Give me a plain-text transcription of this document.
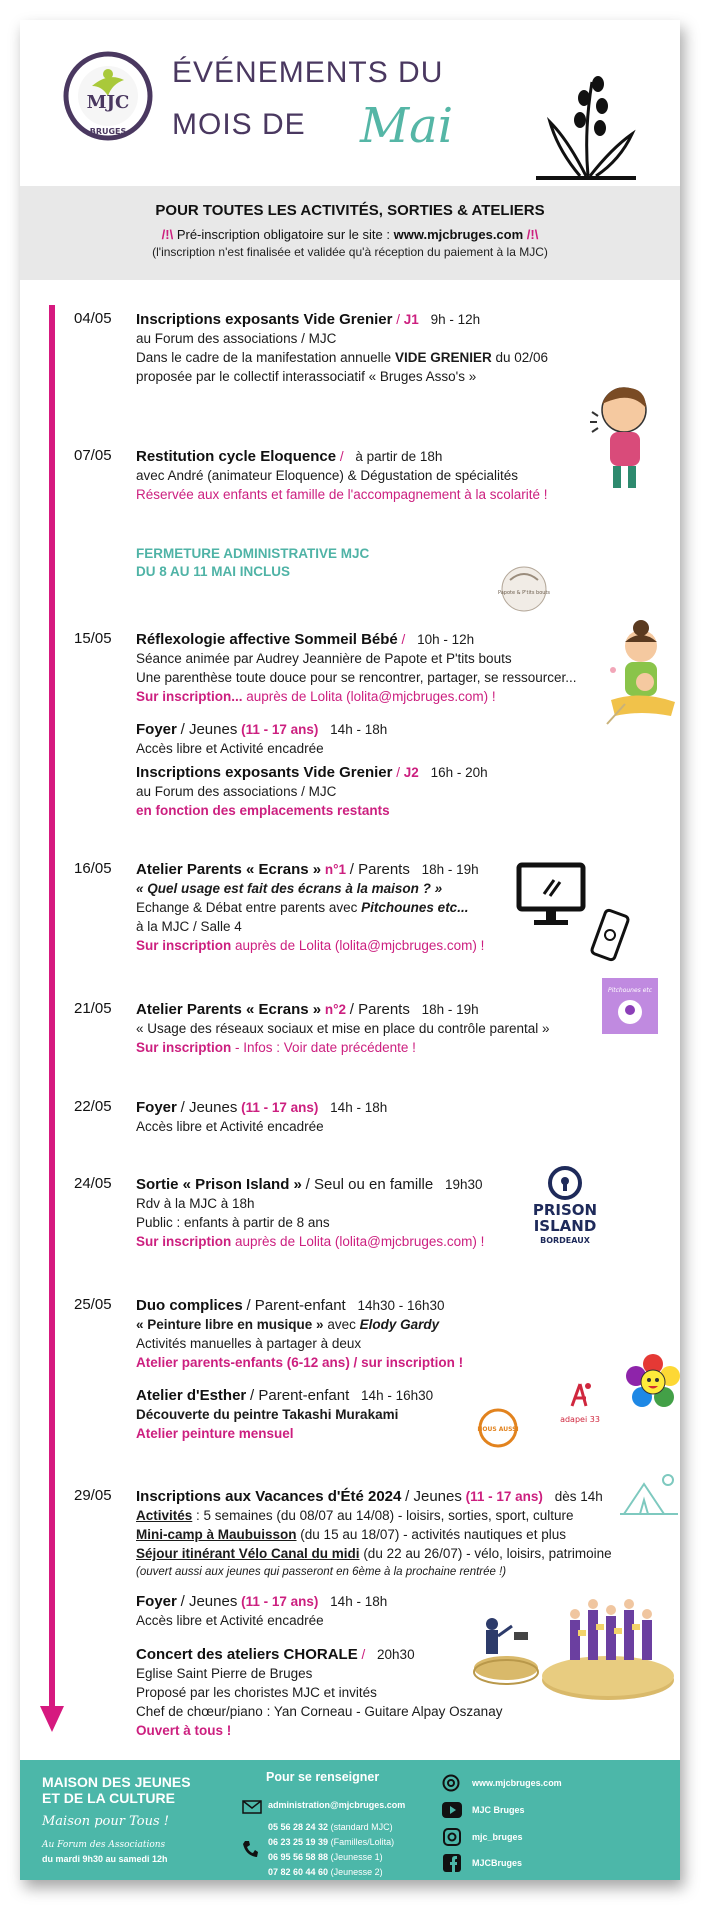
MJC
BRUGES
ÉVÉNEMENTS DU
MOIS DE Mai
POUR TOUTES LES ACTIVITÉS, SORTIES & ATELIERS
/!\ Pré-inscription obligatoire sur le site : www.mjcbruges.com /!\
(l'inscription n'est finalisée et validée qu'à réception du paiement à la MJC)
04/05 Inscriptions exposants Vide Grenier / J1 9h - 12h
au Forum des associations / MJC
Dans le cadre de la manifestation annuelle VIDE GRENIER du 02/06
proposée par le collectif interassociatif « Bruges Asso's »
07/05 Restitution cycle Eloquence / à partir de 18h
avec André (animateur Eloquence) & Dégustation de spécialités
Réservée aux enfants et famille de l'accompagnement à la scolarité !
FERMETURE ADMINISTRATIVE MJC
DU 8 AU 11 MAI INCLUS
Papote & P'tits bouts
15/05 Réflexologie affective Sommeil Bébé / 10h - 12h
Séance animée par Audrey Jeannière de Papote et P'tits bouts
Une parenthèse toute douce pour se rencontrer, partager, se ressourcer...
Sur inscription... auprès de Lolita (lolita@mjcbruges.com) !
Foyer / Jeunes (11 - 17 ans) 14h - 18h
Accès libre et Activité encadrée
Inscriptions exposants Vide Grenier / J2 16h - 20h
au Forum des associations / MJC
en fonction des emplacements restants
16/05 Atelier Parents « Ecrans » n°1 / Parents 18h - 19h
« Quel usage est fait des écrans à la maison ? »
Echange & Débat entre parents avec Pitchounes etc...
à la MJC / Salle 4
Sur inscription auprès de Lolita (lolita@mjcbruges.com) !
Pitchounes etc
21/05 Atelier Parents « Ecrans » n°2 / Parents 18h - 19h
« Usage des réseaux sociaux et mise en place du contrôle parental »
Sur inscription - Infos : Voir date précédente !
22/05 Foyer / Jeunes (11 - 17 ans) 14h - 18h
Accès libre et Activité encadrée
24/05 Sortie « Prison Island » / Seul ou en famille 19h30
Rdv à la MJC à 18h
Public : enfants à partir de 8 ans
Sur inscription auprès de Lolita (lolita@mjcbruges.com) !
PRISON
ISLAND
BORDEAUX
25/05 Duo complices / Parent-enfant 14h30 - 16h30
« Peinture libre en musique » avec Elody Gardy
Activités manuelles à partager à deux
Atelier parents-enfants (6-12 ans) / sur inscription !
Atelier d'Esther / Parent-enfant 14h - 16h30
Découverte du peintre Takashi Murakami
Atelier peinture mensuel	NOUS AUSSI
adapei 33
29/05 Inscriptions aux Vacances d'Été 2024 / Jeunes (11 - 17 ans) dès 14h
Activités : 5 semaines (du 08/07 au 14/08) - loisirs, sorties, sport, culture
Mini-camp à Maubuisson (du 15 au 18/07) - activités nautiques et plus
Séjour itinérant Vélo Canal du midi (du 22 au 26/07) - vélo, loisirs, patrimoine
(ouvert aussi aux jeunes qui passeront en 6ème à la prochaine rentrée !)
Foyer / Jeunes (11 - 17 ans) 14h - 18h
Accès libre et Activité encadrée
Concert des ateliers CHORALE / 20h30
Eglise Saint Pierre de Bruges
Proposé par les choristes MJC et invités
Chef de chœur/piano : Yan Corneau - Guitare Alpay Oszanay
Ouvert à tous !
MAISON DES JEUNES
ET DE LA CULTURE
Maison pour Tous !
Au Forum des Associations
du mardi 9h30 au samedi 12h
Pour se renseigner
administration@mjcbruges.com
05 56 28 24 32 (standard MJC)
06 23 25 19 39 (Familles/Lolita)
06 95 56 58 88 (Jeunesse 1)
07 82 60 44 60 (Jeunesse 2)
www.mjcbruges.com
MJC Bruges
mjc_bruges
MJCBruges
